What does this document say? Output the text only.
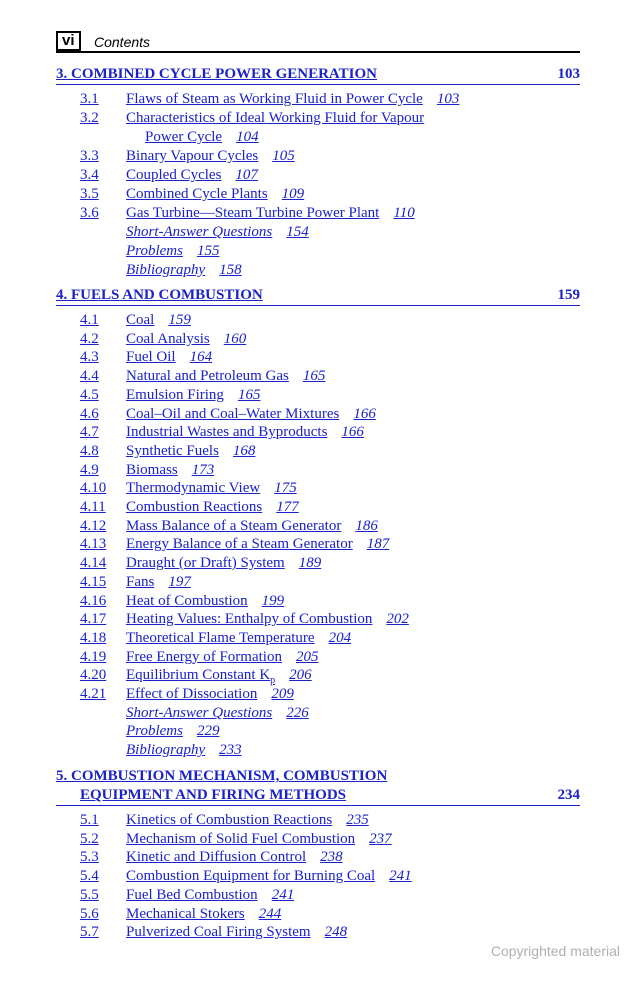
vi	Contents
3. COMBINED CYCLE POWER GENERATION	103
3.1 Flaws of Steam as Working Fluid in Power Cycle 103
3.2 Characteristics of Ideal Working Fluid for Vapour
Power Cycle 104
3.3 Binary Vapour Cycles 105
3.4 Coupled Cycles 107
3.5 Combined Cycle Plants 109
3.6 Gas Turbine—Steam Turbine Power Plant 110
Short-Answer Questions 154
Problems 155
Bibliography 158
4. FUELS AND COMBUSTION	159
4.1 Coal 159
4.2 Coal Analysis 160
4.3 Fuel Oil 164
4.4 Natural and Petroleum Gas 165
4.5 Emulsion Firing 165
4.6 Coal–Oil and Coal–Water Mixtures 166
4.7 Industrial Wastes and Byproducts 166
4.8 Synthetic Fuels 168
4.9 Biomass 173
4.10 Thermodynamic View 175
4.11 Combustion Reactions 177
4.12 Mass Balance of a Steam Generator 186
4.13 Energy Balance of a Steam Generator 187
4.14 Draught (or Draft) System 189
4.15 Fans 197
4.16 Heat of Combustion 199
4.17 Heating Values: Enthalpy of Combustion 202
4.18 Theoretical Flame Temperature 204
4.19 Free Energy of Formation 205
4.20 Equilibrium Constant $K_p$ 206
4.21 Effect of Dissociation 209
Short-Answer Questions 226
Problems 229
Bibliography 233
5. COMBUSTION MECHANISM, COMBUSTION
EQUIPMENT AND FIRING METHODS	234
5.1 Kinetics of Combustion Reactions 235
5.2 Mechanism of Solid Fuel Combustion 237
5.3 Kinetic and Diffusion Control 238
5.4 Combustion Equipment for Burning Coal 241
5.5 Fuel Bed Combustion 241
5.6 Mechanical Stokers 244
5.7 Pulverized Coal Firing System 248
Copyrighted material
